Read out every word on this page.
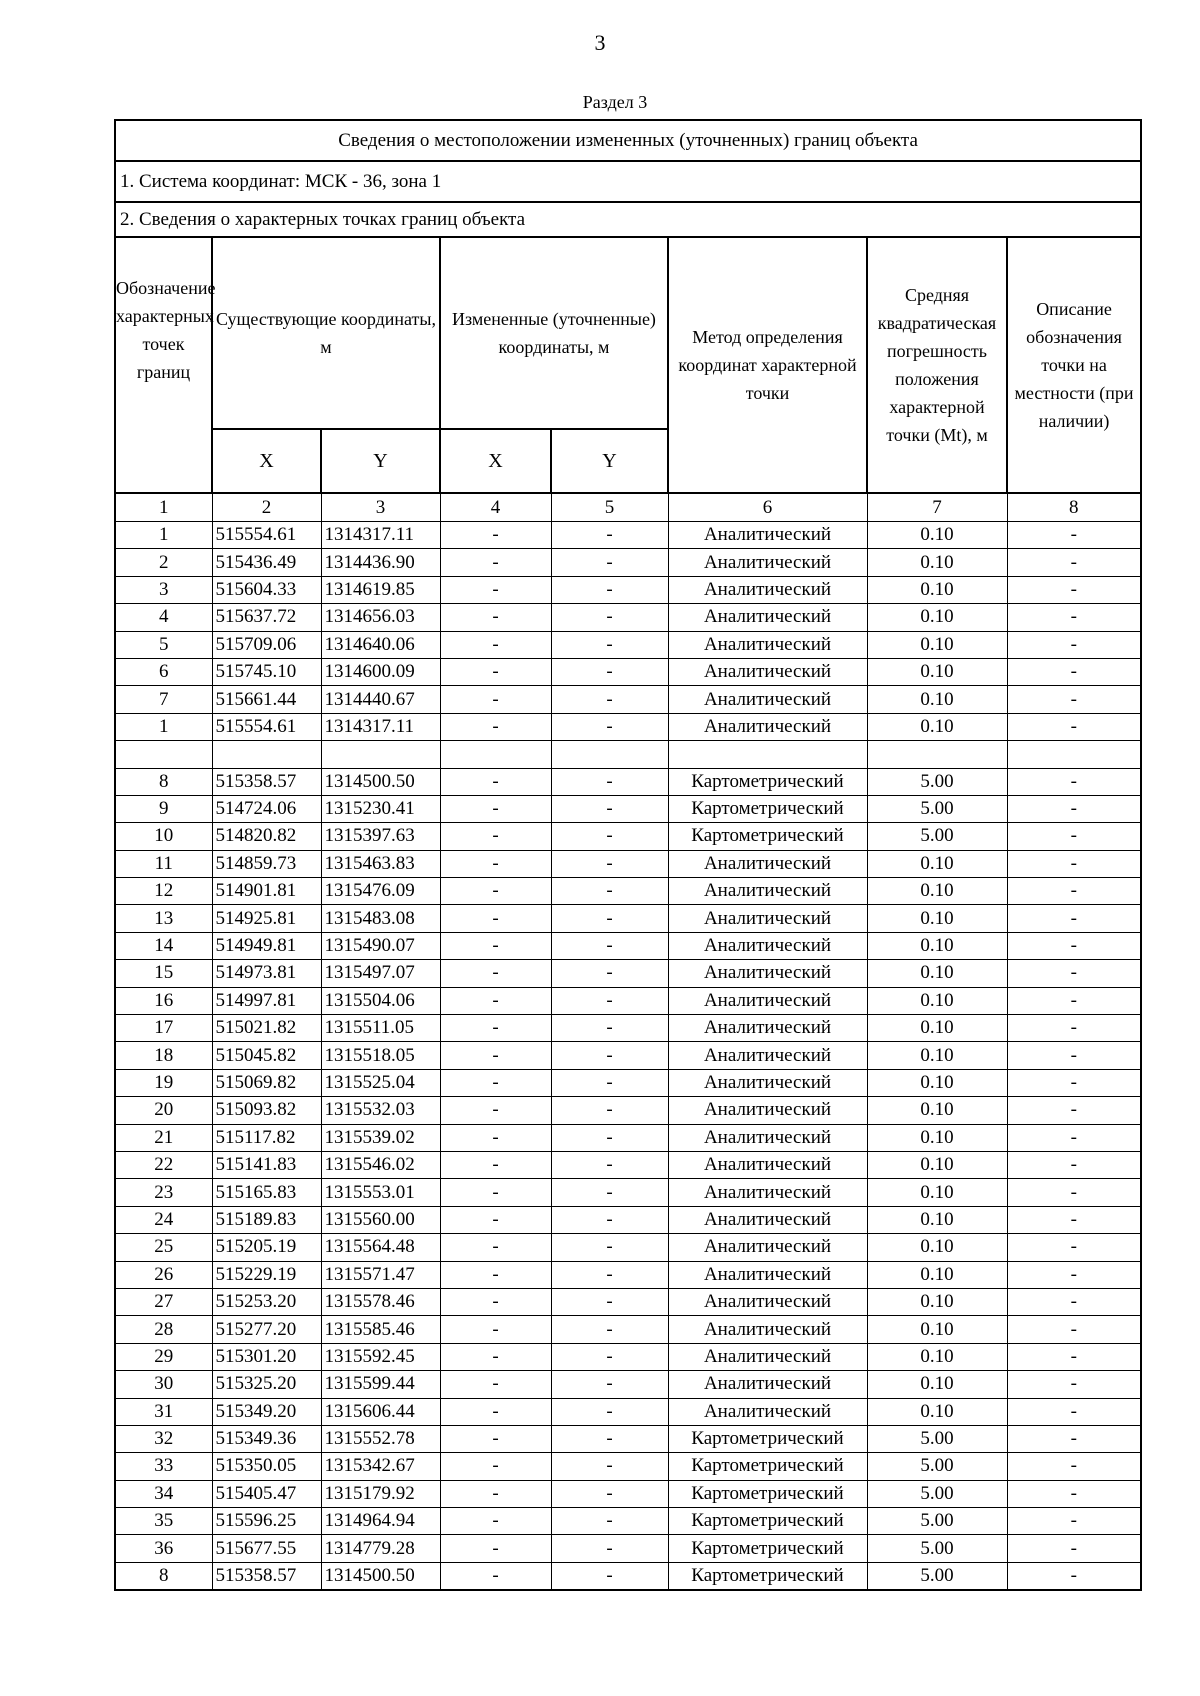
3
Раздел 3
Сведения о местоположении измененных (уточненных) границ объекта							
1. Система координат: МСК - 36, зона 1							
2. Сведения о характерных точках границ объекта							
Обозначение характерных точек границ	Существующие координаты, м		Измененные (уточненные) координаты, м		Метод определения координат характерной точки	Средняя квадратическая погрешность положения характерной точки (Mt), м	Описание обозначения точки на местности (при наличии)
	X	Y	X	Y			
1	2	3	4	5	6	7	8
1	515554.61	1314317.11	-	-	Аналитический	0.10	-
2	515436.49	1314436.90	-	-	Аналитический	0.10	-
3	515604.33	1314619.85	-	-	Аналитический	0.10	-
4	515637.72	1314656.03	-	-	Аналитический	0.10	-
5	515709.06	1314640.06	-	-	Аналитический	0.10	-
6	515745.10	1314600.09	-	-	Аналитический	0.10	-
7	515661.44	1314440.67	-	-	Аналитический	0.10	-
1	515554.61	1314317.11	-	-	Аналитический	0.10	-

8	515358.57	1314500.50	-	-	Картометрический	5.00	-
9	514724.06	1315230.41	-	-	Картометрический	5.00	-
10	514820.82	1315397.63	-	-	Картометрический	5.00	-
11	514859.73	1315463.83	-	-	Аналитический	0.10	-
12	514901.81	1315476.09	-	-	Аналитический	0.10	-
13	514925.81	1315483.08	-	-	Аналитический	0.10	-
14	514949.81	1315490.07	-	-	Аналитический	0.10	-
15	514973.81	1315497.07	-	-	Аналитический	0.10	-
16	514997.81	1315504.06	-	-	Аналитический	0.10	-
17	515021.82	1315511.05	-	-	Аналитический	0.10	-
18	515045.82	1315518.05	-	-	Аналитический	0.10	-
19	515069.82	1315525.04	-	-	Аналитический	0.10	-
20	515093.82	1315532.03	-	-	Аналитический	0.10	-
21	515117.82	1315539.02	-	-	Аналитический	0.10	-
22	515141.83	1315546.02	-	-	Аналитический	0.10	-
23	515165.83	1315553.01	-	-	Аналитический	0.10	-
24	515189.83	1315560.00	-	-	Аналитический	0.10	-
25	515205.19	1315564.48	-	-	Аналитический	0.10	-
26	515229.19	1315571.47	-	-	Аналитический	0.10	-
27	515253.20	1315578.46	-	-	Аналитический	0.10	-
28	515277.20	1315585.46	-	-	Аналитический	0.10	-
29	515301.20	1315592.45	-	-	Аналитический	0.10	-
30	515325.20	1315599.44	-	-	Аналитический	0.10	-
31	515349.20	1315606.44	-	-	Аналитический	0.10	-
32	515349.36	1315552.78	-	-	Картометрический	5.00	-
33	515350.05	1315342.67	-	-	Картометрический	5.00	-
34	515405.47	1315179.92	-	-	Картометрический	5.00	-
35	515596.25	1314964.94	-	-	Картометрический	5.00	-
36	515677.55	1314779.28	-	-	Картометрический	5.00	-
8	515358.57	1314500.50	-	-	Картометрический	5.00	-
